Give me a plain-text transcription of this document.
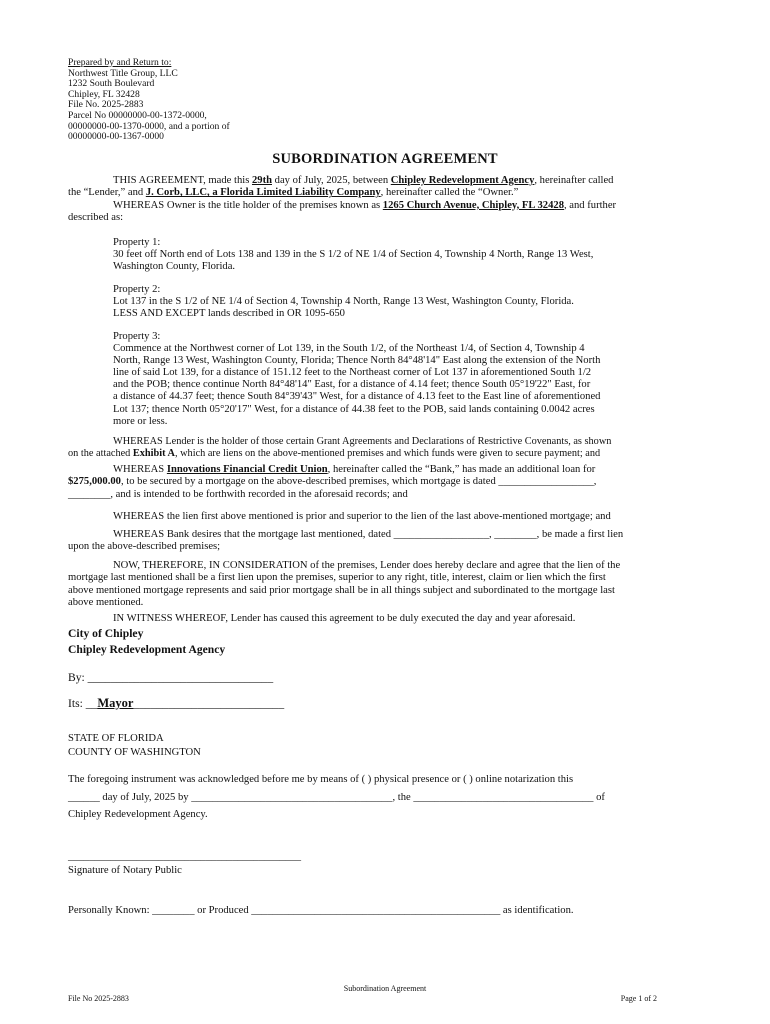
Prepared by and Return to:
Northwest Title Group, LLC
1232 South Boulevard
Chipley, FL 32428
File No. 2025-2883
Parcel No 00000000-00-1372-0000,
00000000-00-1370-0000, and a portion of
00000000-00-1367-0000
SUBORDINATION AGREEMENT
THIS AGREEMENT, made this 29th day of July, 2025, between Chipley Redevelopment Agency, hereinafter called
the “Lender,” and J. Corb, LLC, a Florida Limited Liability Company, hereinafter called the “Owner.”
WHEREAS Owner is the title holder of the premises known as 1265 Church Avenue, Chipley, FL 32428, and further
described as:
Property 1:
30 feet off North end of Lots 138 and 139 in the S 1/2 of NE 1/4 of Section 4, Township 4 North, Range 13 West,
Washington County, Florida.
Property 2:
Lot 137 in the S 1/2 of NE 1/4 of Section 4, Township 4 North, Range 13 West, Washington County, Florida.
LESS AND EXCEPT lands described in OR 1095-650
Property 3:
Commence at the Northwest corner of Lot 139, in the South 1/2, of the Northeast 1/4, of Section 4, Township 4
North, Range 13 West, Washington County, Florida; Thence North 84°48'14" East along the extension of the North
line of said Lot 139, for a distance of 151.12 feet to the Northeast corner of Lot 137 in aforementioned South 1/2
and the POB; thence continue North 84°48'14" East, for a distance of 4.14 feet; thence South 05°19'22" East, for
a distance of 44.37 feet; thence South 84°39'43" West, for a distance of 4.13 feet to the East line of aforementioned
Lot 137; thence North 05°20'17" West, for a distance of 44.38 feet to the POB, said lands containing 0.0042 acres
more or less.
WHEREAS Lender is the holder of those certain Grant Agreements and Declarations of Restrictive Covenants, as shown
on the attached Exhibit A, which are liens on the above-mentioned premises and which funds were given to secure payment; and
WHEREAS Innovations Financial Credit Union, hereinafter called the “Bank,” has made an additional loan for
$275,000.00, to be secured by a mortgage on the above-described premises, which mortgage is dated __________________,
________, and is intended to be forthwith recorded in the aforesaid records; and
WHEREAS the lien first above mentioned is prior and superior to the lien of the last above-mentioned mortgage; and
WHEREAS Bank desires that the mortgage last mentioned, dated __________________, ________, be made a first lien
upon the above-described premises;
NOW, THEREFORE, IN CONSIDERATION of the premises, Lender does hereby declare and agree that the lien of the
mortgage last mentioned shall be a first lien upon the premises, superior to any right, title, interest, claim or lien which the first
above mentioned mortgage represents and said prior mortgage shall be in all things subject and subordinated to the mortgage last
above mentioned.
IN WITNESS WHEREOF, Lender has caused this agreement to be duly executed the day and year aforesaid.
City of Chipley
Chipley Redevelopment Agency
By: ________________________________
Its: __Mayor__________________________
STATE OF FLORIDA
COUNTY OF WASHINGTON
The foregoing instrument was acknowledged before me by means of ( ) physical presence or ( ) online notarization this
______ day of July, 2025 by ______________________________________, the __________________________________ of
Chipley Redevelopment Agency.
____________________________________________
Signature of Notary Public
Personally Known: ________ or Produced _______________________________________________ as identification.
Subordination Agreement
File No 2025-2883	Page 1 of 2
